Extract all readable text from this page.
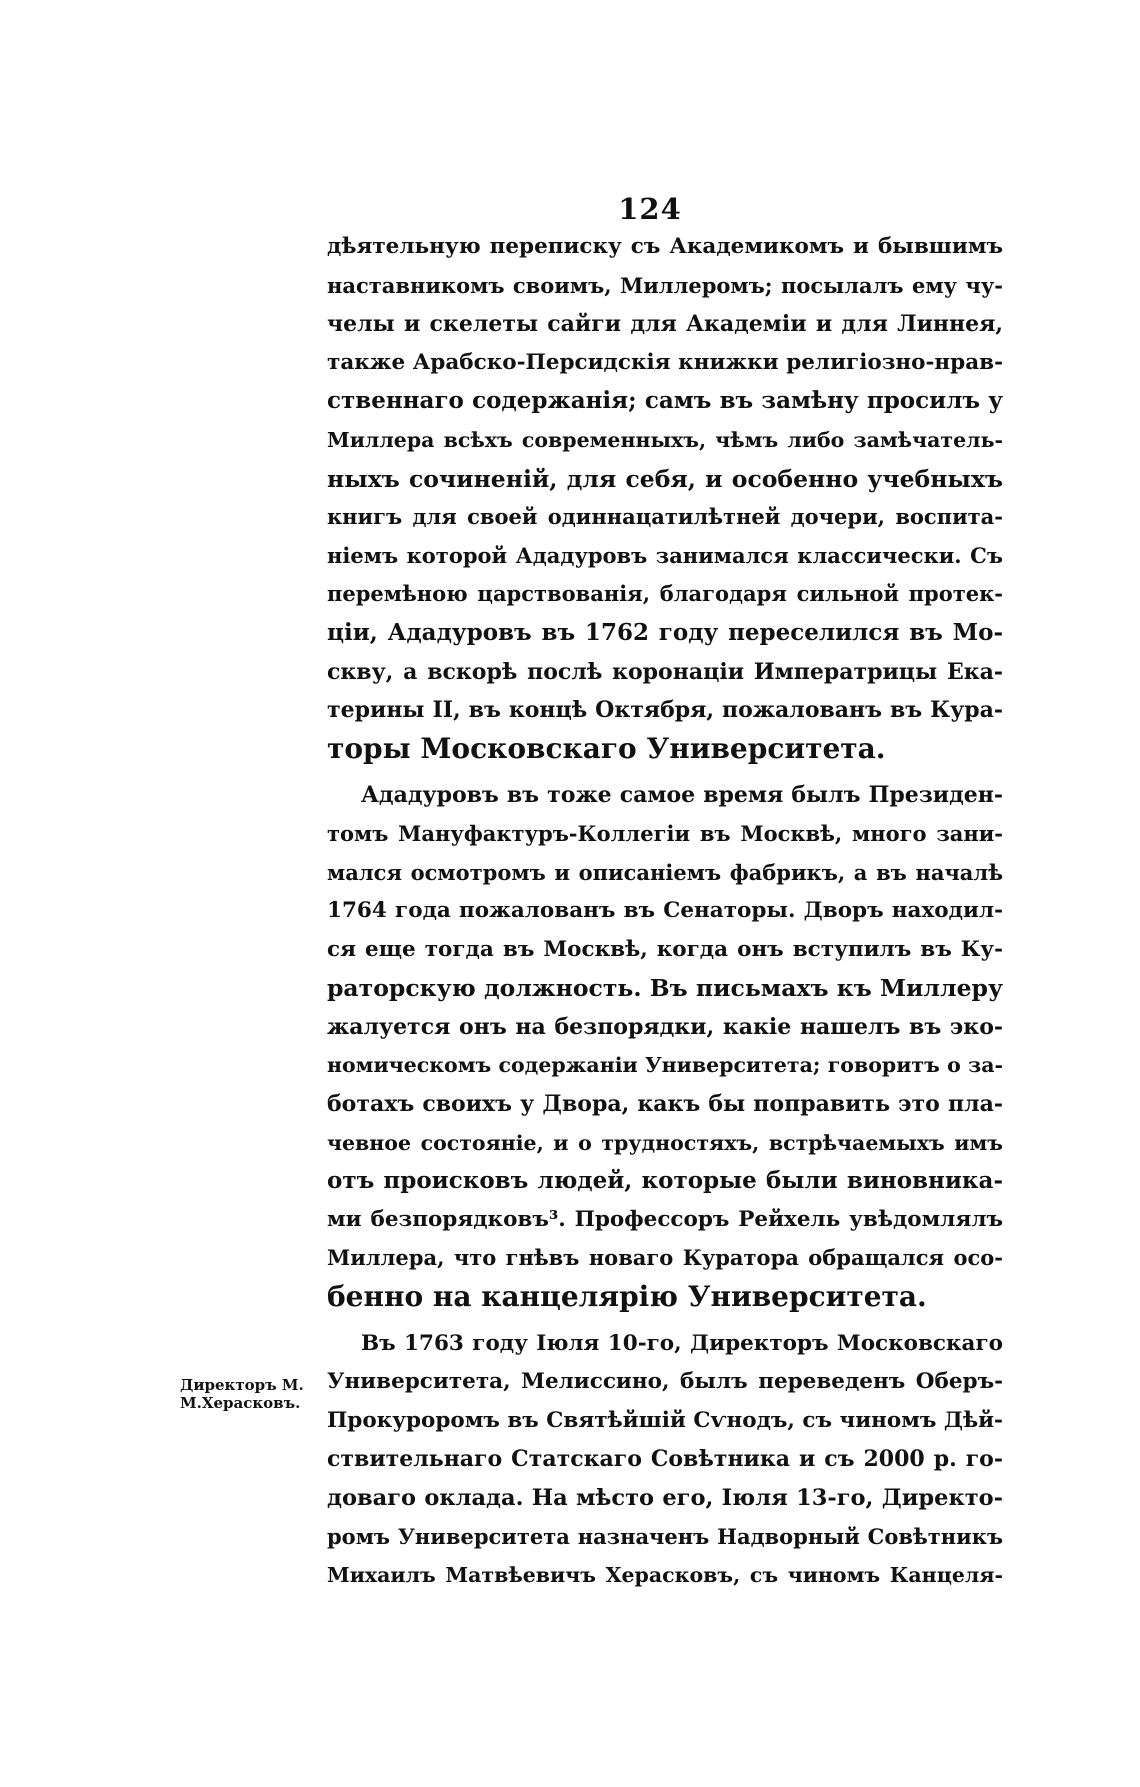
124
дѣятельную переписку съ Академикомъ и бывшимъ
наставникомъ своимъ, Миллеромъ; посылалъ ему чу-
челы и скелеты сайги для Академіи и для Линнея,
также Арабско-Персидскія книжки религіозно-нрав-
ственнаго содержанія; самъ въ замѣну просилъ у
Миллера всѣхъ современныхъ, чѣмъ либо замѣчатель-
ныхъ сочиненій, для себя, и особенно учебныхъ
книгъ для своей одиннацатилѣтней дочери, воспита-
ніемъ которой Ададуровъ занимался классически. Съ
перемѣною царствованія, благодаря сильной протек-
ціи, Ададуровъ въ 1762 году переселился въ Мо-
скву, а вскорѣ послѣ коронаціи Императрицы Ека-
терины II, въ концѣ Октября, пожалованъ въ Кура-
торы Московскаго Университета.
Ададуровъ въ тоже самое время былъ Президен-
томъ Мануфактуръ-Коллегіи въ Москвѣ, много зани-
мался осмотромъ и описаніемъ фабрикъ, а въ началѣ
1764 года пожалованъ въ Сенаторы. Дворъ находил-
ся еще тогда въ Москвѣ, когда онъ вступилъ въ Ку-
раторскую должность. Въ письмахъ къ Миллеру
жалуется онъ на безпорядки, какіе нашелъ въ эко-
номическомъ содержаніи Университета; говоритъ о за-
ботахъ своихъ у Двора, какъ бы поправить это пла-
чевное состояніе, и о трудностяхъ, встрѣчаемыхъ имъ
отъ происковъ людей, которые были виновника-
ми безпорядковъ³. Профессоръ Рейхель увѣдомлялъ
Миллера, что гнѣвъ новаго Куратора обращался осо-
бенно на канцелярію Университета.
Въ 1763 году Іюля 10-го, Директоръ Московскаго
Университета, Мелиссино, былъ переведенъ Оберъ-
Прокуроромъ въ Святѣйшій Сѵнодъ, съ чиномъ Дѣй-
ствительнаго Статскаго Совѣтника и съ 2000 р. го-
доваго оклада. На мѣсто его, Іюля 13-го, Директо-
ромъ Университета назначенъ Надворный Совѣтникъ
Михаилъ Матвѣевичъ Херасковъ, съ чиномъ Канцеля-
Директоръ М.
М.Херасковъ.
